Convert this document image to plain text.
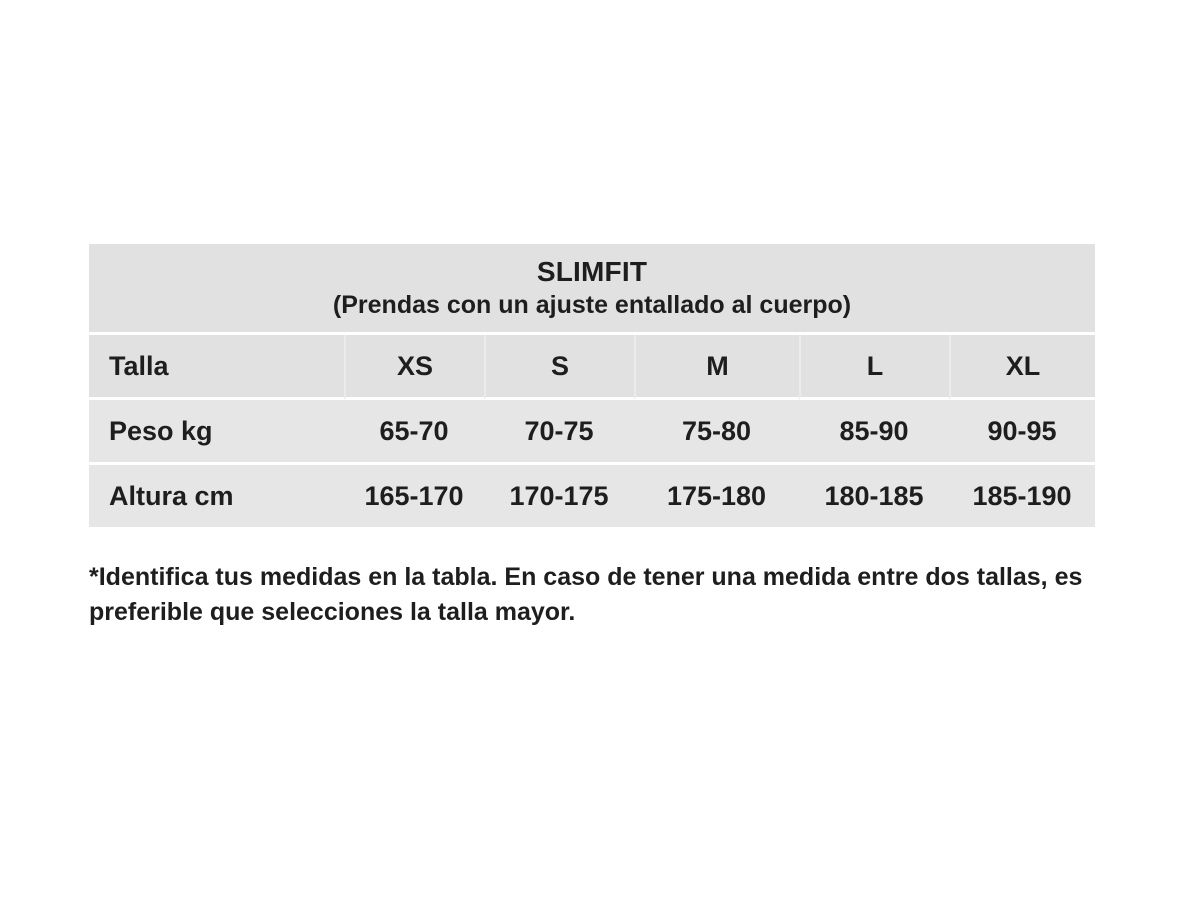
SLIMFIT
(Prendas con un ajuste entallado al cuerpo)					

Talla	XS	S	M	L	XL
Peso kg	65-70	70-75	75-80	85-90	90-95
Altura cm	165-170	170-175	175-180	180-185	185-190

*Identifica tus medidas en la tabla. En caso de tener una medida entre dos tallas, es preferible que selecciones la talla mayor.
